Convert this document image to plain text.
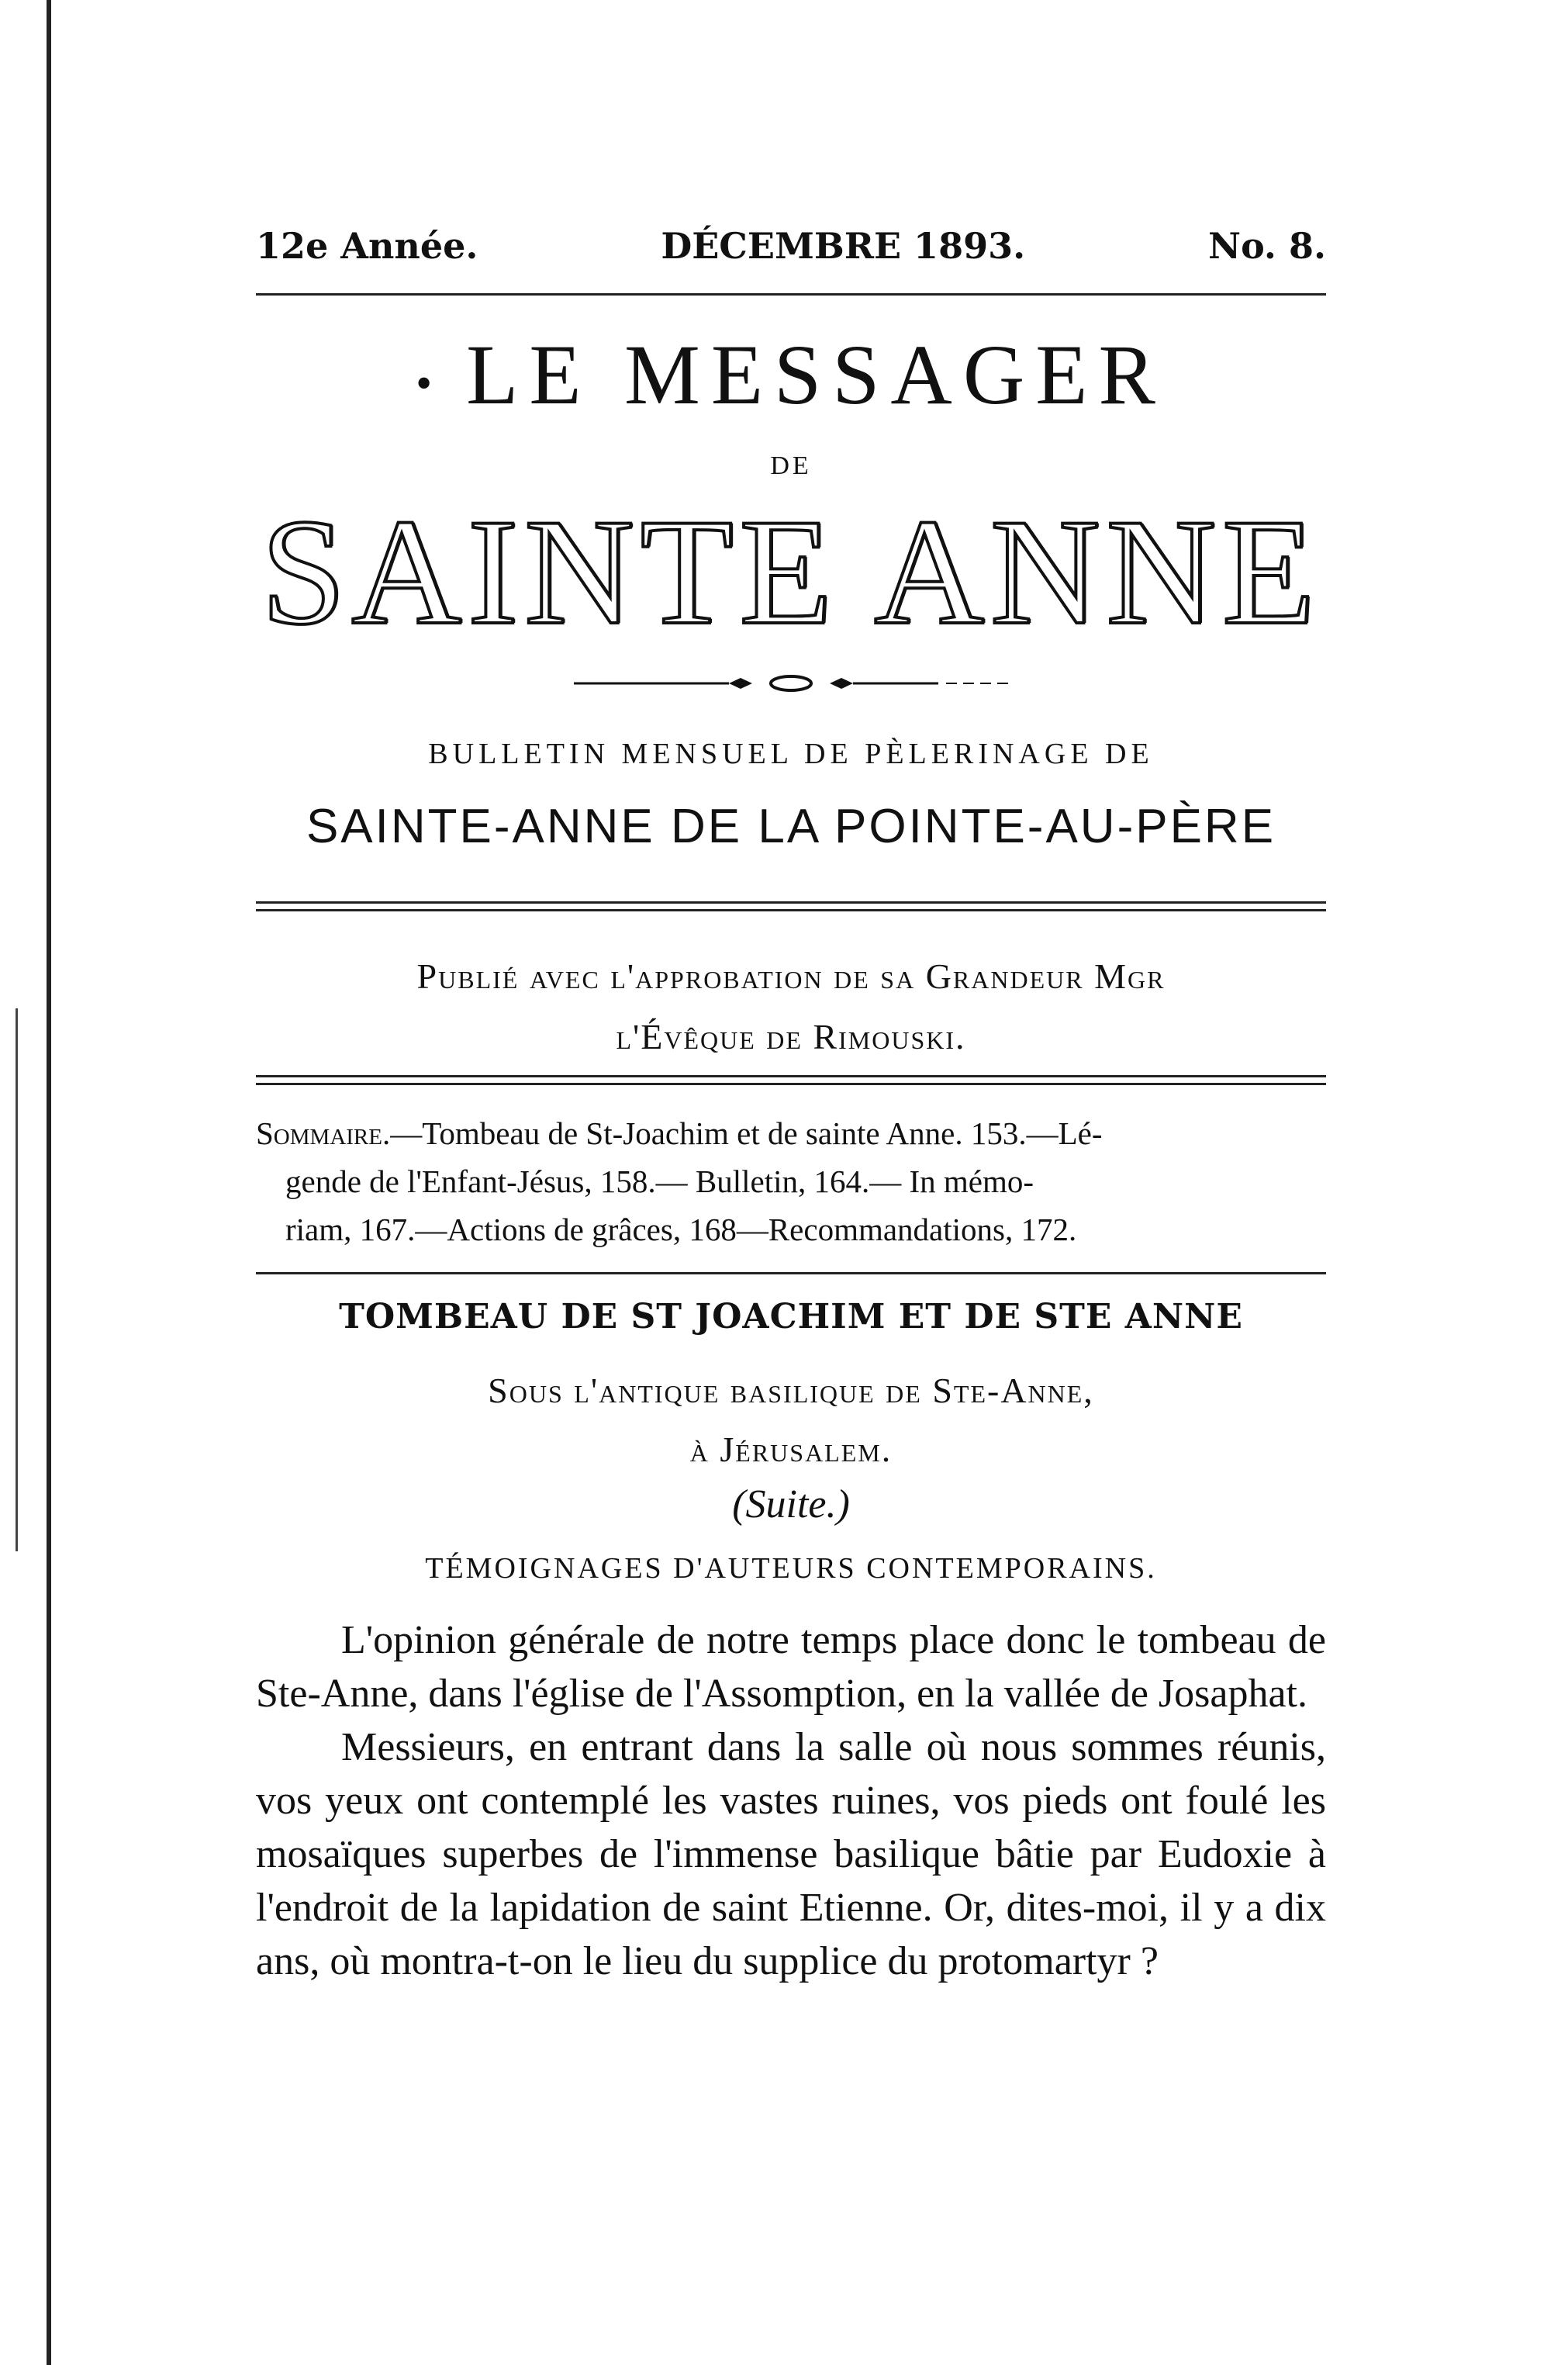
12e Année.	DÉCEMBRE 1893.	No. 8.
• LE MESSAGER
DE
SAINTE ANNE
BULLETIN MENSUEL DE PÈLERINAGE DE
SAINTE-ANNE DE LA POINTE-AU-PÈRE
Publié avec l'approbation de sa Grandeur Mgr
l'Évêque de Rimouski.
Sommaire.—Tombeau de St-Joachim et de sainte Anne. 153.—Lé-
gende de l'Enfant-Jésus, 158.— Bulletin, 164.— In mémo-
riam, 167.—Actions de grâces, 168—Recommandations, 172.
TOMBEAU DE ST JOACHIM ET DE STE ANNE
Sous l'antique basilique de Ste-Anne,
à Jérusalem.
(Suite.)
TÉMOIGNAGES D'AUTEURS CONTEMPORAINS.

L'opinion générale de notre temps place donc le tombeau de Ste-Anne, dans l'église de l'Assomption, en la vallée de Josaphat.

Messieurs, en entrant dans la salle où nous sommes réunis, vos yeux ont contemplé les vastes ruines, vos pieds ont foulé les mosaïques superbes de l'immense basilique bâtie par Eudoxie à l'endroit de la lapidation de saint Etienne. Or, dites-moi, il y a dix ans, où montra-t-on le lieu du supplice du protomartyr ?
